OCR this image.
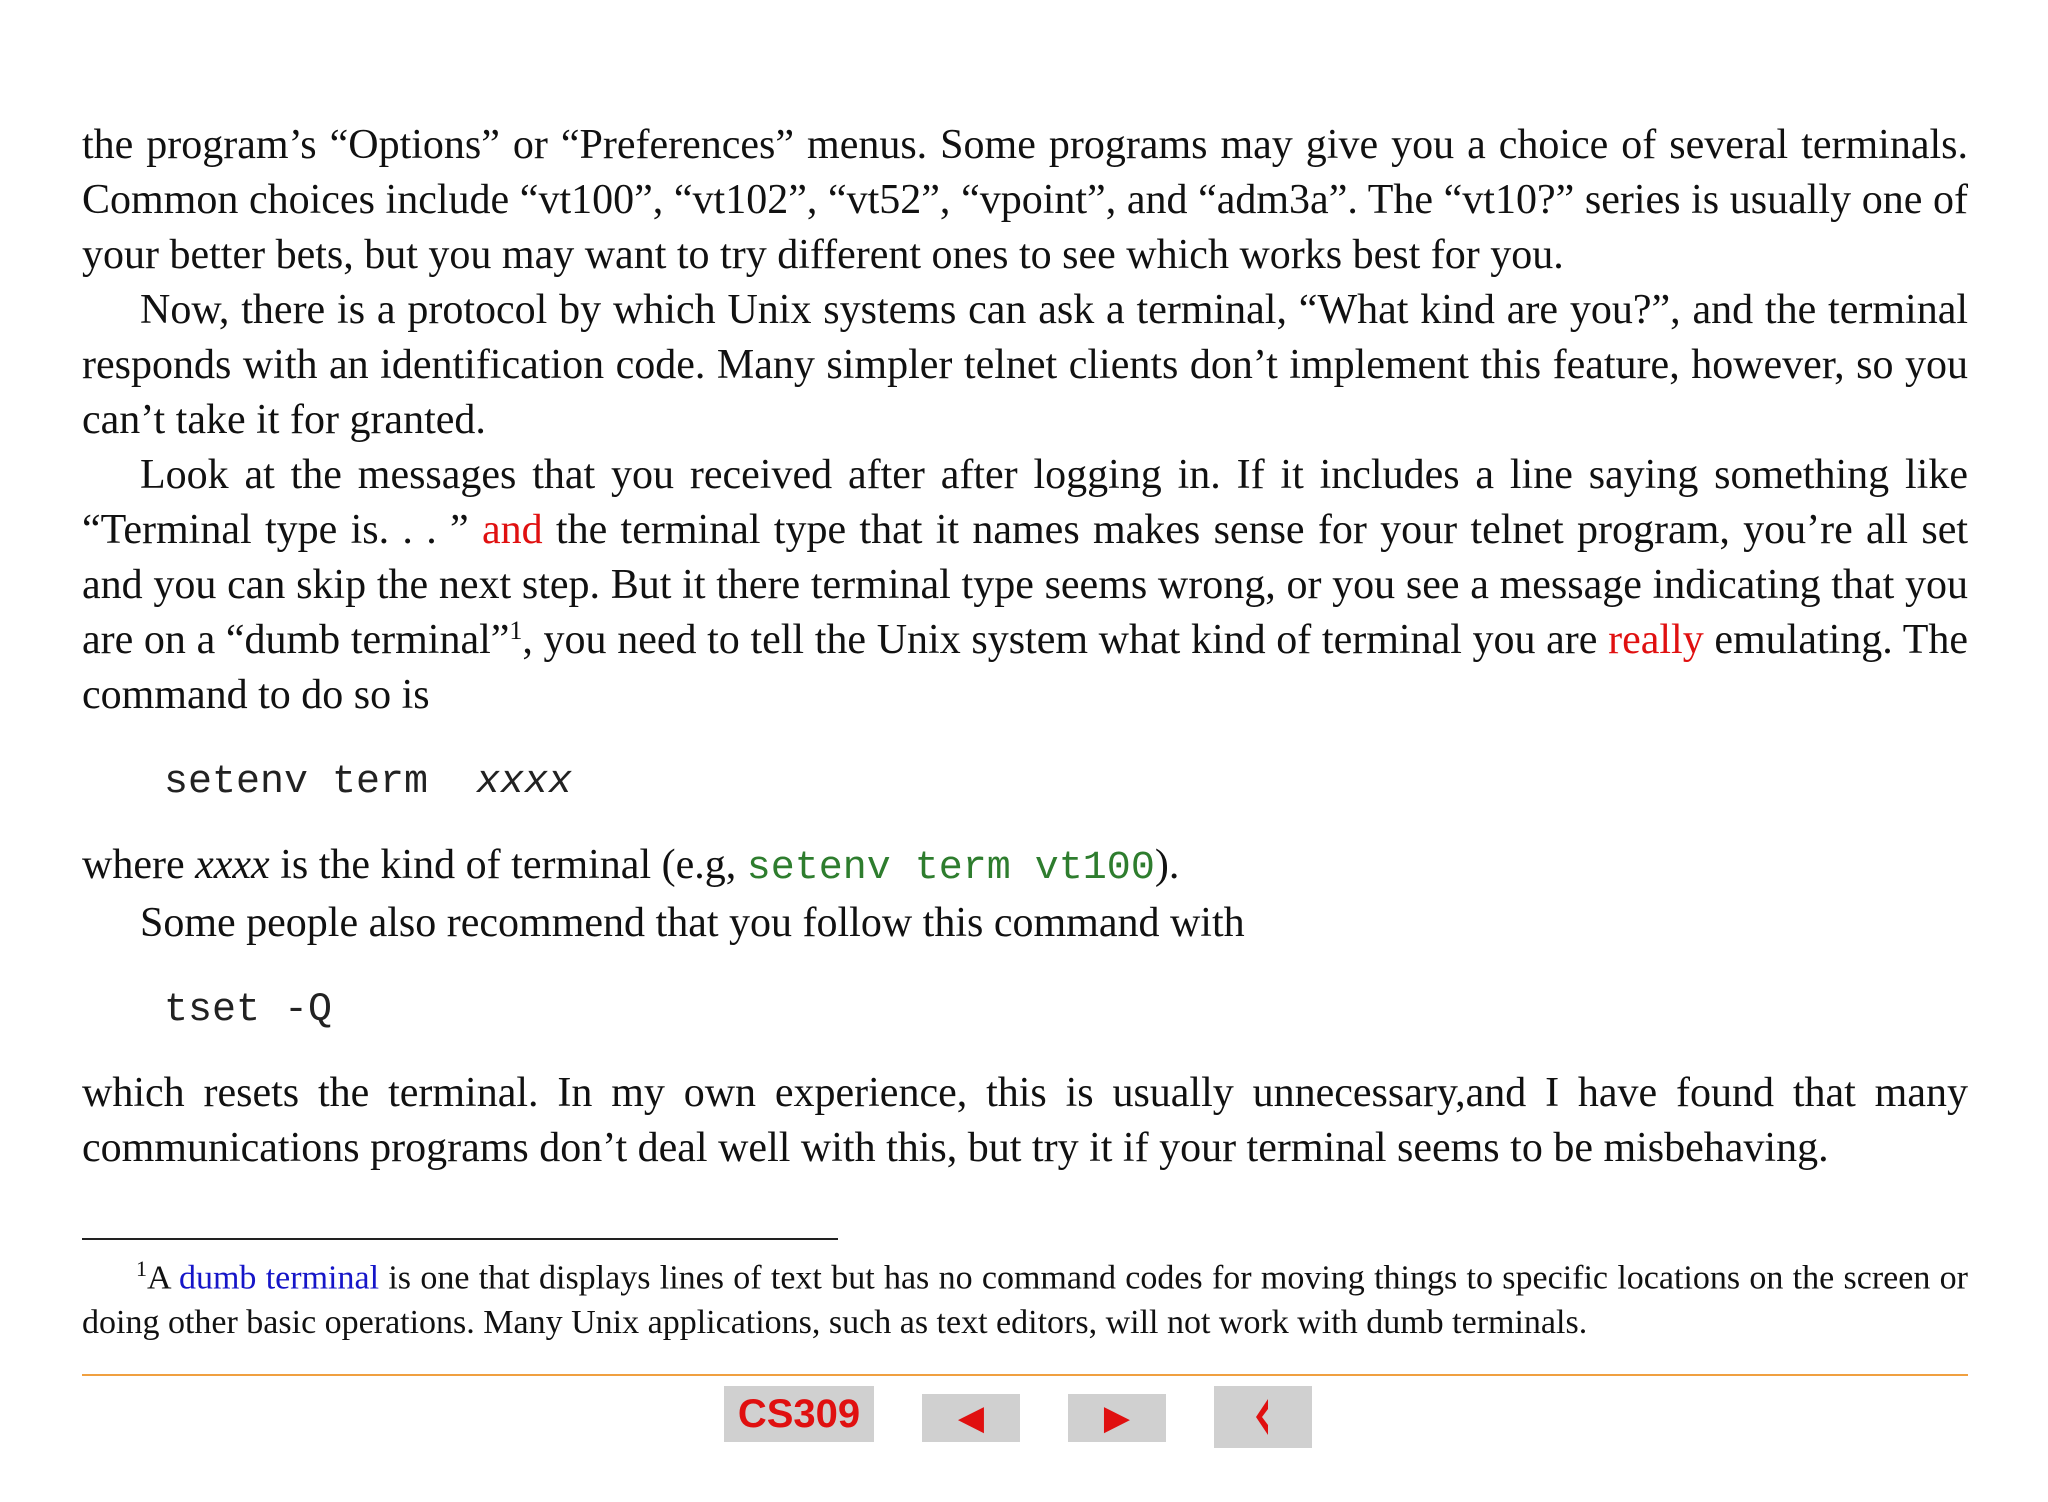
the program’s “Options” or “Preferences” menus. Some programs may give you a choice of several terminals. Common choices include “vt100”, “vt102”, “vt52”, “vpoint”, and “adm3a”. The “vt10?” series is usually one of your better bets, but you may want to try different ones to see which works best for you.

Now, there is a protocol by which Unix systems can ask a terminal, “What kind are you?”, and the terminal responds with an identification code. Many simpler telnet clients don’t implement this feature, however, so you can’t take it for granted.

Look at the messages that you received after after logging in. If it includes a line saying something like “Terminal type is. . . ” and the terminal type that it names makes sense for your telnet program, you’re all set and you can skip the next step. But it there terminal type seems wrong, or you see a message indicating that you are on a “dumb terminal”$^1$, you need to tell the Unix system what kind of terminal you are really emulating. The command to do so is

setenv term  xxxx

where xxxx is the kind of terminal (e.g, setenv term vt100).

Some people also recommend that you follow this command with

tset -Q

which resets the terminal. In my own experience, this is usually unnecessary,and I have found that many communications programs don’t deal well with this, but try it if your terminal seems to be misbehaving.

$^1$A dumb terminal is one that displays lines of text but has no command codes for moving things to specific locations on the screen or doing other basic operations. Many Unix applications, such as text editors, will not work with dumb terminals.
CS309	◀	▶
